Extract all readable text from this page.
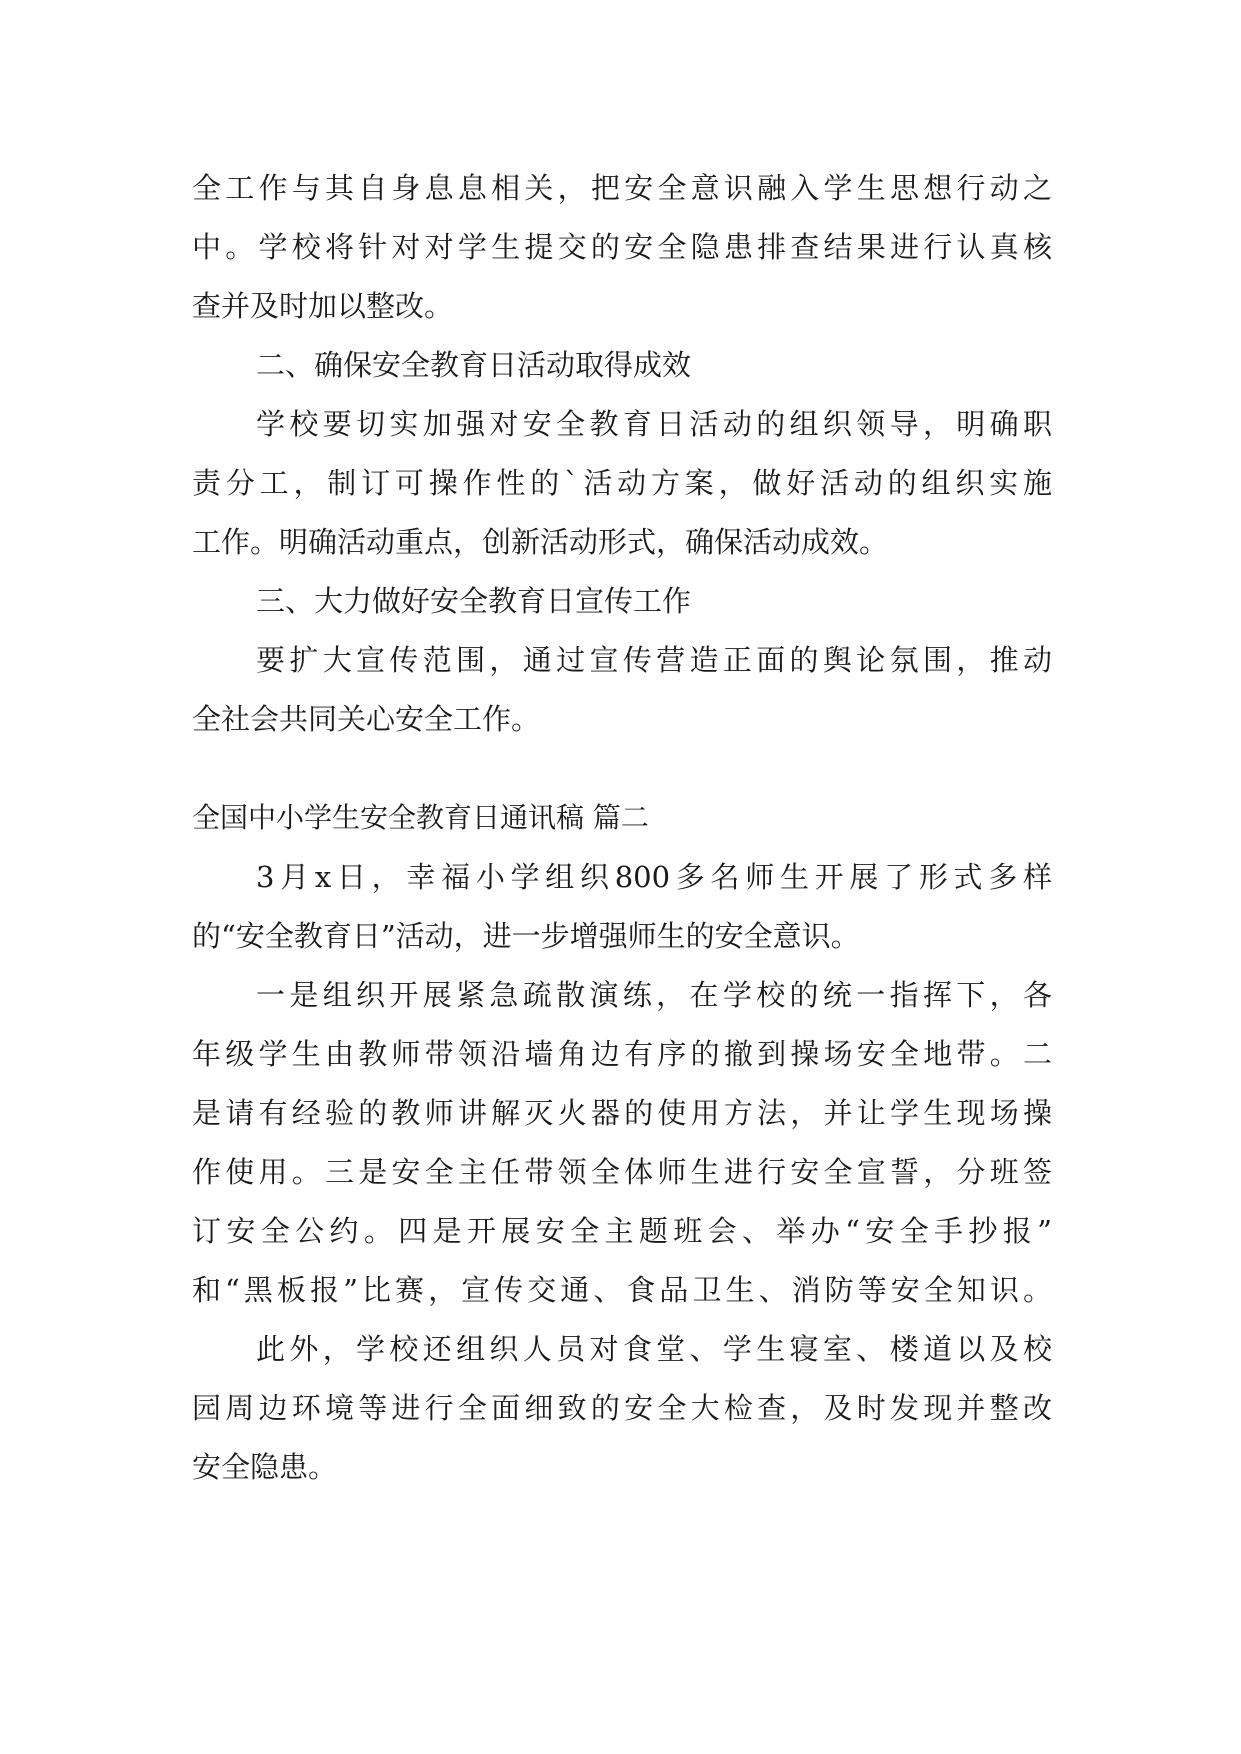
全工作与其自身息息相关，把安全意识融入学生思想行动之

中。学校将针对对学生提交的安全隐患排查结果进行认真核

查并及时加以整改。

二、确保安全教育日活动取得成效

学校要切实加强对安全教育日活动的组织领导，明确职

责分工，制订可操作性的`活动方案，做好活动的组织实施

工作。明确活动重点，创新活动形式，确保活动成效。

三、大力做好安全教育日宣传工作

要扩大宣传范围，通过宣传营造正面的舆论氛围，推动

全社会共同关心安全工作。

全国中小学生安全教育日通讯稿 篇二

3月x日，幸福小学组织800多名师生开展了形式多样

的“安全教育日”活动，进一步增强师生的安全意识。

一是组织开展紧急疏散演练，在学校的统一指挥下，各

年级学生由教师带领沿墙角边有序的撤到操场安全地带。二

是请有经验的教师讲解灭火器的使用方法，并让学生现场操

作使用。三是安全主任带领全体师生进行安全宣誓，分班签

订安全公约。四是开展安全主题班会、举办“安全手抄报”

和“黑板报”比赛，宣传交通、食品卫生、消防等安全知识。

此外，学校还组织人员对食堂、学生寝室、楼道以及校

园周边环境等进行全面细致的安全大检查，及时发现并整改

安全隐患。
